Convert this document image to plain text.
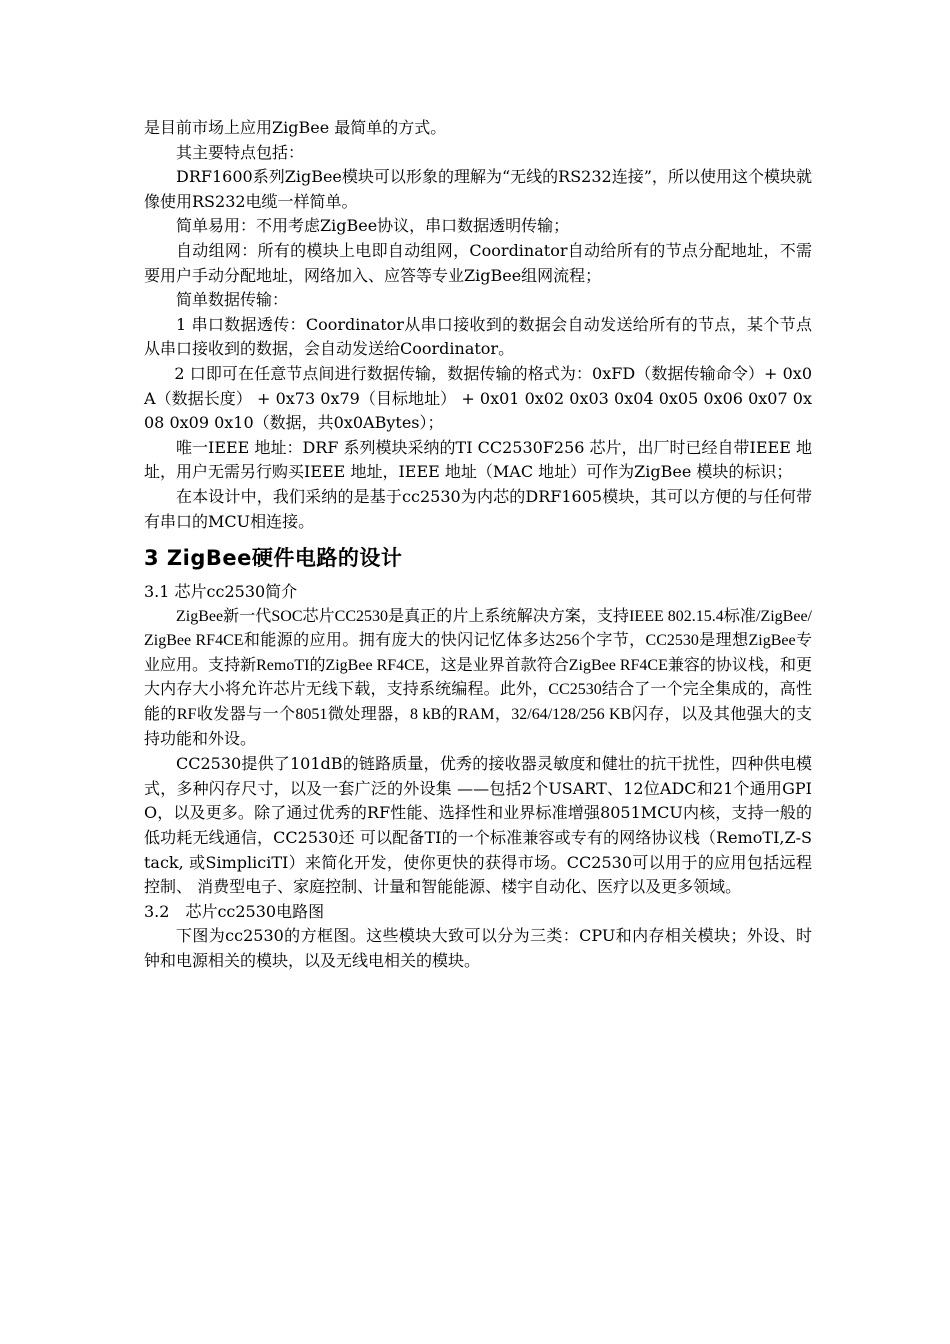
是目前市场上应用ZigBee 最简单的方式。

其主要特点包括：

DRF1600系列ZigBee模块可以形象的理解为“无线的RS232连接”，所以使用这个模块就像使用RS232电缆一样简单。

简单易用：不用考虑ZigBee协议，串口数据透明传输；

自动组网：所有的模块上电即自动组网，Coordinator自动给所有的节点分配地址，不需要用户手动分配地址，网络加入、应答等专业ZigBee组网流程；

简单数据传输：

1 串口数据透传：Coordinator从串口接收到的数据会自动发送给所有的节点，某个节点从串口接收到的数据，会自动发送给Coordinator。

2 口即可在任意节点间进行数据传输，数据传输的格式为：0xFD（数据传输命令）+ 0x0A（数据长度） + 0x73 0x79（目标地址） + 0x01 0x02 0x03 0x04 0x05 0x06 0x07 0x08 0x09 0x10（数据，共0x0ABytes）；

唯一IEEE 地址：DRF 系列模块采纳的TI CC2530F256 芯片，出厂时已经自带IEEE 地址，用户无需另行购买IEEE 地址，IEEE 地址（MAC 地址）可作为ZigBee 模块的标识；

在本设计中，我们采纳的是基于cc2530为内芯的DRF1605模块，其可以方便的与任何带有串口的MCU相连接。

3 ZigBee硬件电路的设计

3.1 芯片cc2530简介

ZigBee新一代SOC芯片CC2530是真正的片上系统解决方案，支持IEEE 802.15.4标准/ZigBee/ZigBee RF4CE和能源的应用。拥有庞大的快闪记忆体多达256个字节，CC2530是理想ZigBee专业应用。支持新RemoTI的ZigBee RF4CE，这是业界首款符合ZigBee RF4CE兼容的协议栈，和更大内存大小将允许芯片无线下载，支持系统编程。此外，CC2530结合了一个完全集成的，高性能的RF收发器与一个8051微处理器，8 kB的RAM，32/64/128/256 KB闪存，以及其他强大的支持功能和外设。

CC2530提供了101dB的链路质量，优秀的接收器灵敏度和健壮的抗干扰性，四种供电模式，多种闪存尺寸，以及一套广泛的外设集 ——包括2个USART、12位ADC和21个通用GPIO，以及更多。除了通过优秀的RF性能、选择性和业界标准增强8051MCU内核，支持一般的低功耗无线通信，CC2530还 可以配备TI的一个标准兼容或专有的网络协议栈（RemoTI,Z-Stack, 或SimpliciTI）来简化开发，使你更快的获得市场。CC2530可以用于的应用包括远程控制、 消费型电子、家庭控制、计量和智能能源、楼宇自动化、医疗以及更多领域。

3.2　芯片cc2530电路图

下图为cc2530的方框图。这些模块大致可以分为三类：CPU和内存相关模块；外设、时钟和电源相关的模块，以及无线电相关的模块。
